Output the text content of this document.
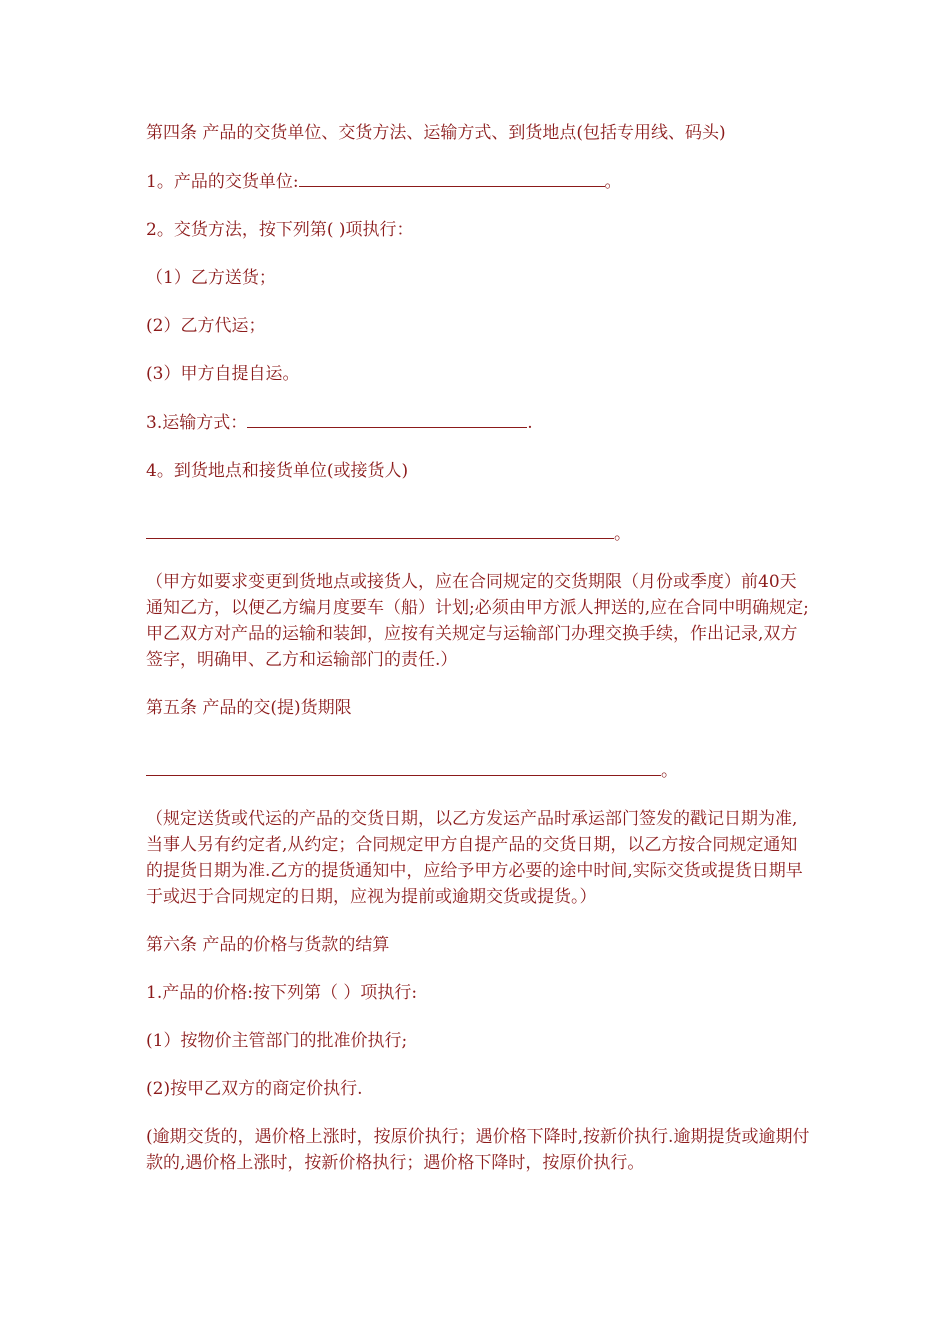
第四条 产品的交货单位、交货方法、运输方式、到货地点(包括专用线、码头)

1。产品的交货单位:	。

2。交货方法，按下列第( )项执行：

（1）乙方送货；

(2）乙方代运；

(3）甲方自提自运。

3.运输方式：	.

4。到货地点和接货单位(或接货人)

。

（甲方如要求变更到货地点或接货人，应在合同规定的交货期限（月份或季度）前40天通知乙方，以便乙方编月度要车（船）计划;必须由甲方派人押送的,应在合同中明确规定;甲乙双方对产品的运输和装卸，应按有关规定与运输部门办理交换手续，作出记录,双方签字，明确甲、乙方和运输部门的责任.）

第五条 产品的交(提)货期限

。

（规定送货或代运的产品的交货日期，以乙方发运产品时承运部门签发的戳记日期为准,当事人另有约定者,从约定；合同规定甲方自提产品的交货日期，以乙方按合同规定通知的提货日期为准.乙方的提货通知中，应给予甲方必要的途中时间,实际交货或提货日期早于或迟于合同规定的日期，应视为提前或逾期交货或提货。）

第六条 产品的价格与货款的结算

1.产品的价格:按下列第（ ）项执行:

(1）按物价主管部门的批准价执行;

(2)按甲乙双方的商定价执行.

(逾期交货的，遇价格上涨时，按原价执行；遇价格下降时,按新价执行.逾期提货或逾期付款的,遇价格上涨时，按新价格执行；遇价格下降时，按原价执行。
